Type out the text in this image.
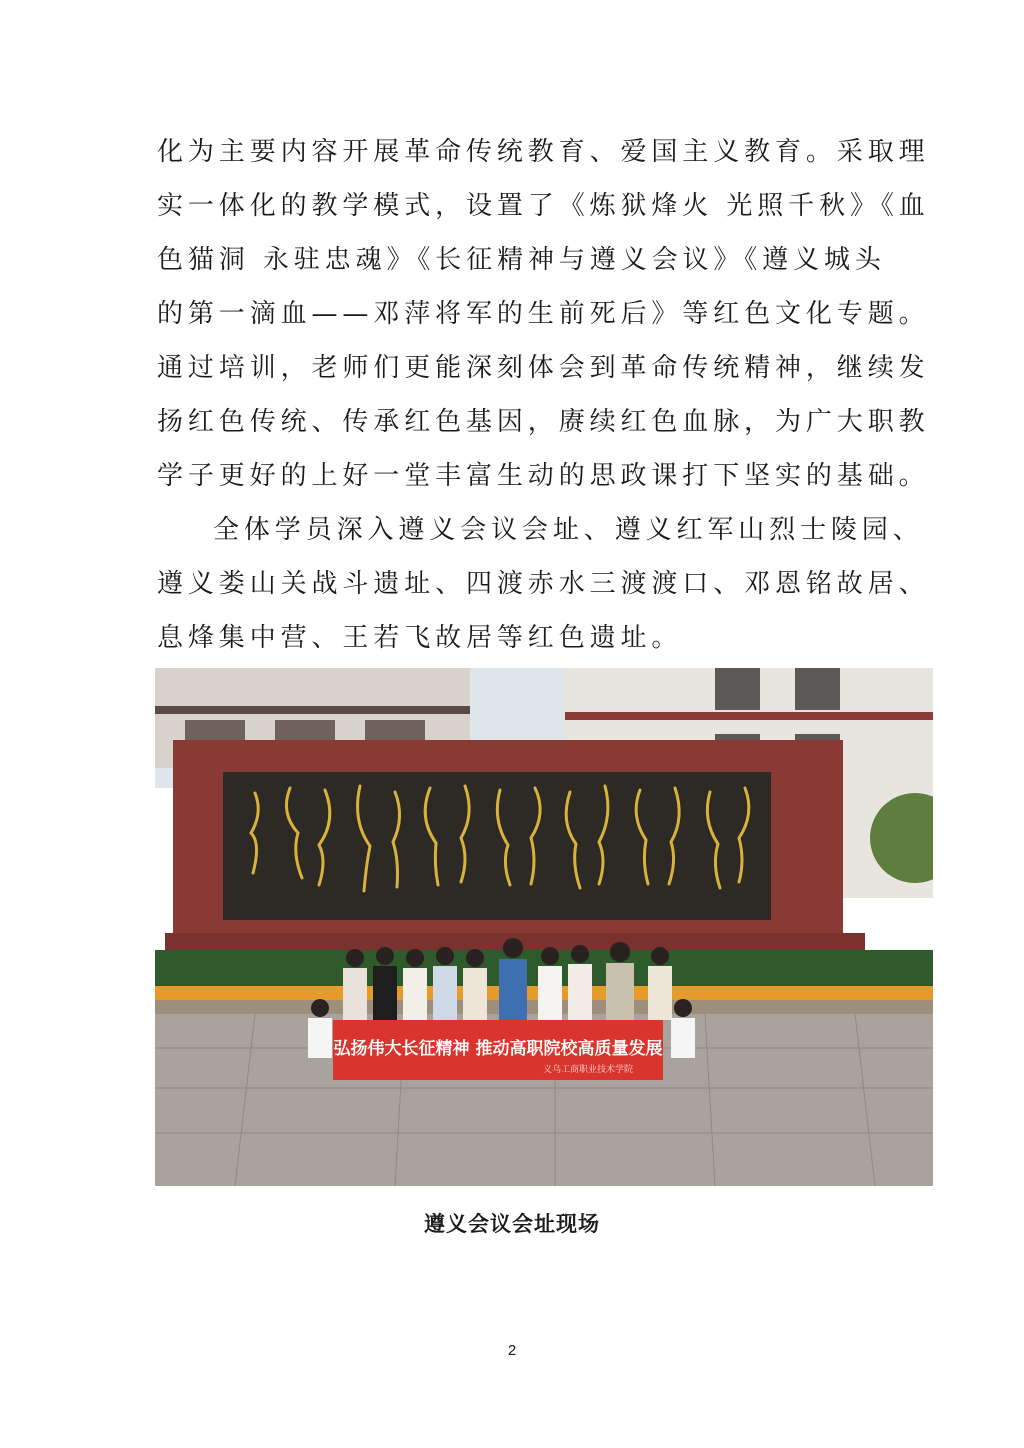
化为主要内容开展革命传统教育、爱国主义教育。采取理
实一体化的教学模式，设置了《炼狱烽火 光照千秋》《血
色猫洞 永驻忠魂》《长征精神与遵义会议》《遵义城头
的第一滴血——邓萍将军的生前死后》等红色文化专题。
通过培训，老师们更能深刻体会到革命传统精神，继续发
扬红色传统、传承红色基因，赓续红色血脉，为广大职教
学子更好的上好一堂丰富生动的思政课打下坚实的基础。
全体学员深入遵义会议会址、遵义红军山烈士陵园、
遵义娄山关战斗遗址、四渡赤水三渡渡口、邓恩铭故居、
息烽集中营、王若飞故居等红色遗址。
弘扬伟大长征精神 推动高职院校高质量发展
义乌工商职业技术学院
遵义会议会址现场
2
